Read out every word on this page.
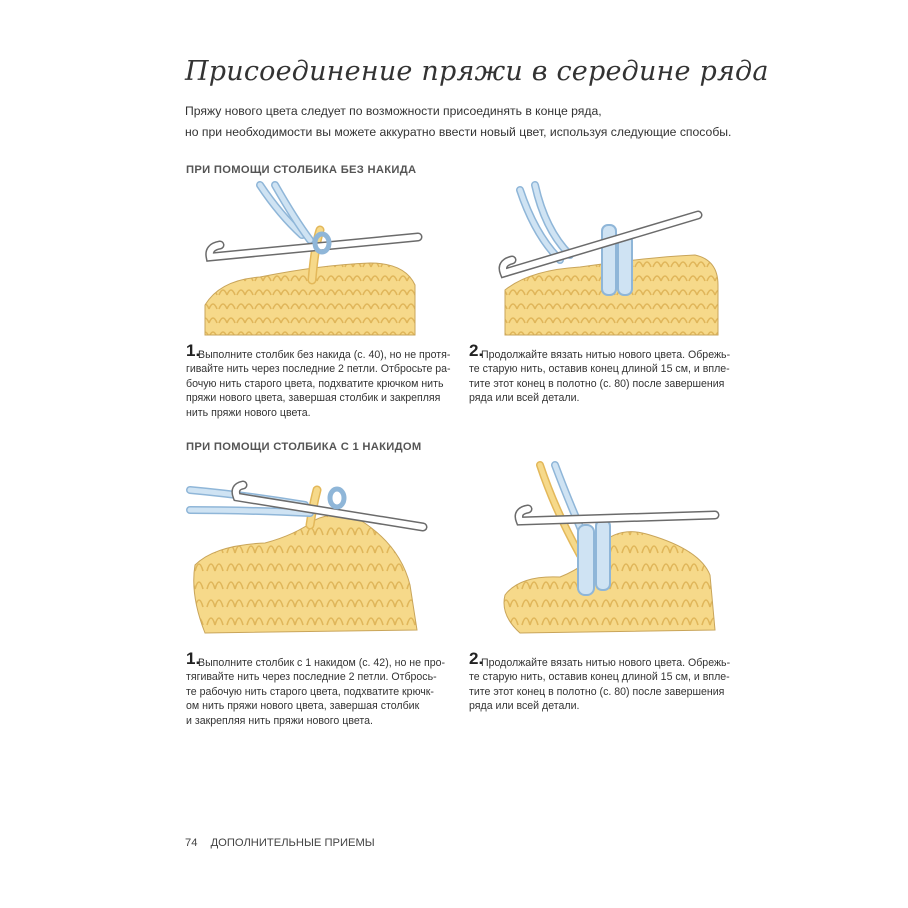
Присоединение пряжи в середине ряда
Пряжу нового цвета следует по возможности присоединять в конце ряда,
но при необходимости вы можете аккуратно ввести новый цвет, используя следующие способы.
ПРИ ПОМОЩИ СТОЛБИКА БЕЗ НАКИДА
1.
Выполните столбик без накида (с. 40), но не протя-
гивайте нить через последние 2 петли. Отбросьте ра-
бочую нить старого цвета, подхватите крючком нить
пряжи нового цвета, завершая столбик и закрепляя
нить пряжи нового цвета.
2.
Продолжайте вязать нитью нового цвета. Обрежь-
те старую нить, оставив конец длиной 15 см, и впле-
тите этот конец в полотно (с. 80) после завершения
ряда или всей детали.
ПРИ ПОМОЩИ СТОЛБИКА С 1 НАКИДОМ
1.
Выполните столбик с 1 накидом (с. 42), но не про-
тягивайте нить через последние 2 петли. Отбрось-
те рабочую нить старого цвета, подхватите крючк-
ом нить пряжи нового цвета, завершая столбик
и закрепляя нить пряжи нового цвета.
2.
Продолжайте вязать нитью нового цвета. Обрежь-
те старую нить, оставив конец длиной 15 см, и впле-
тите этот конец в полотно (с. 80) после завершения
ряда или всей детали.
74 ДОПОЛНИТЕЛЬНЫЕ ПРИЕМЫ
